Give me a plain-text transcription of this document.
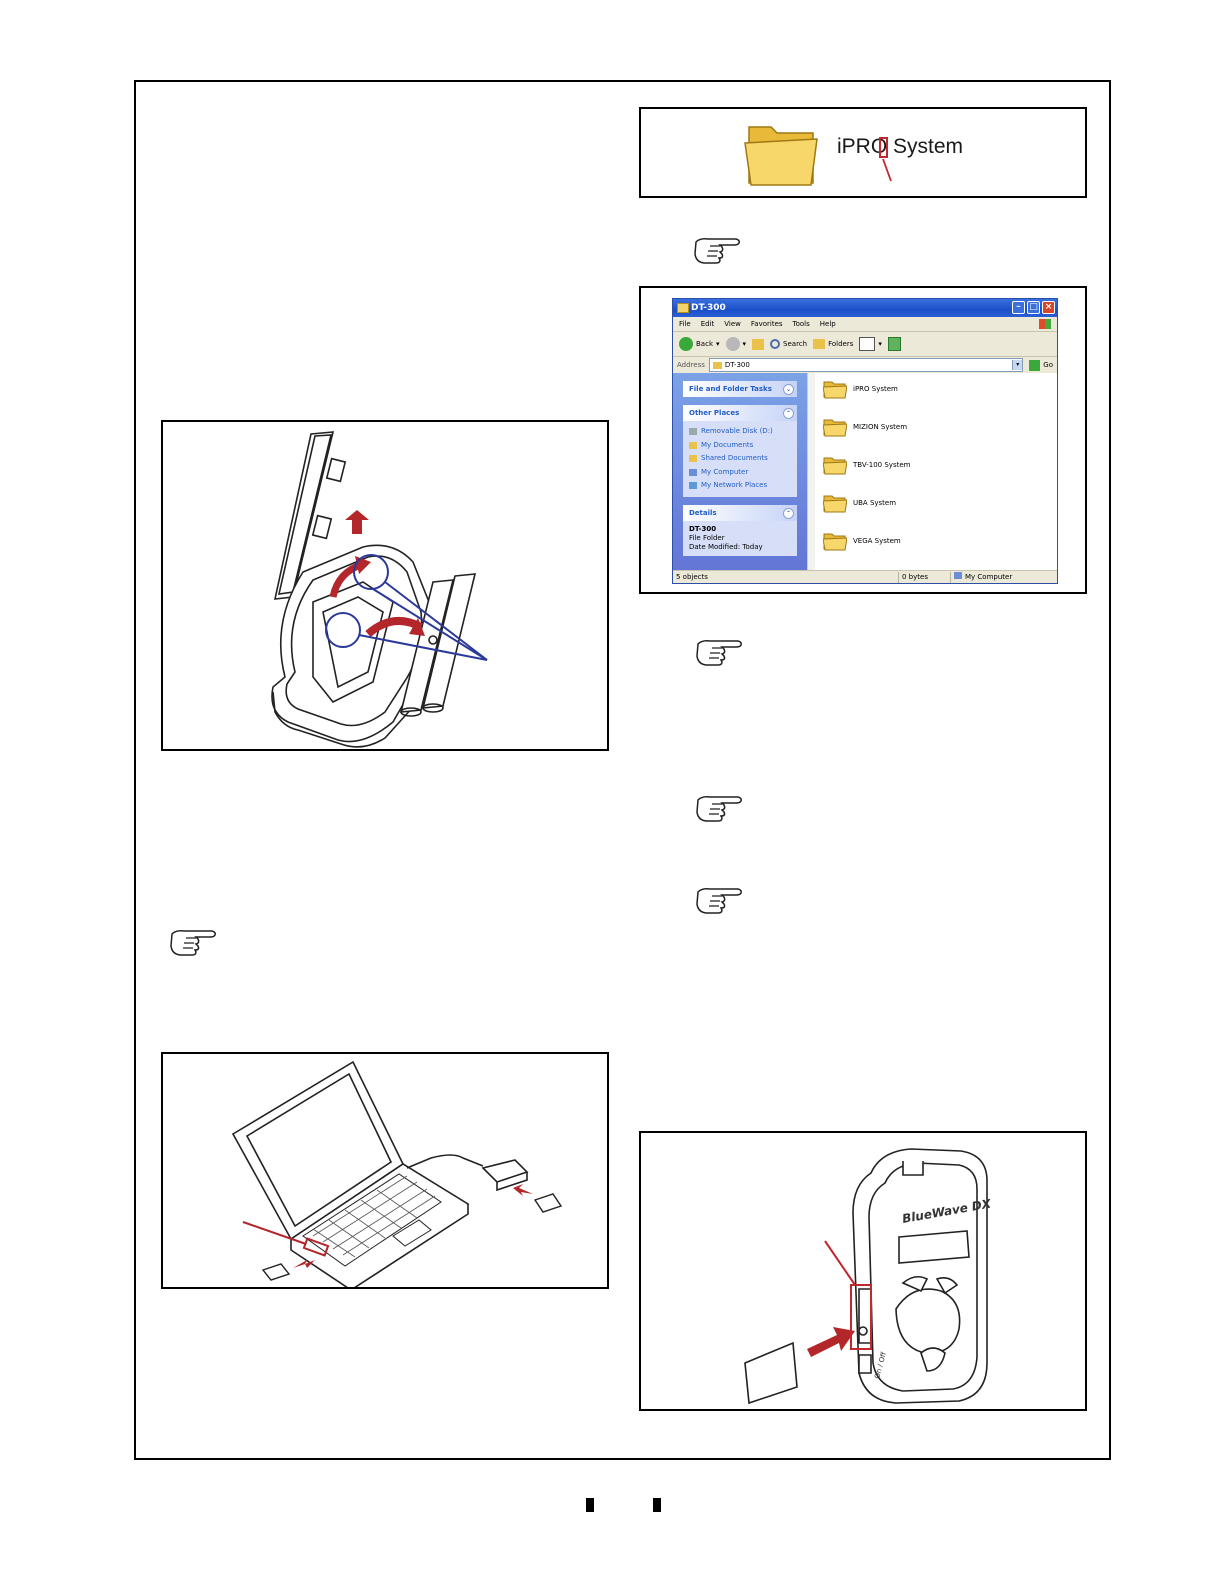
iPRO System
DT-300	– □ ×
File Edit View Favorites Tools Help
Back ▾	▾	Search	Folders	▾
Address	DT-300	▾	Go
File and Folder Tasks	⌄
Other Places	⌃
Removable Disk (D:)
My Documents
Shared Documents
My Computer
My Network Places
Details	⌃
DT-300
File Folder
Date Modified: Today
iPRO System
MIZION System
TBV-100 System
UBA System
VEGA System
5 objects	0 bytes	My Computer
BlueWave DX
On / Off
